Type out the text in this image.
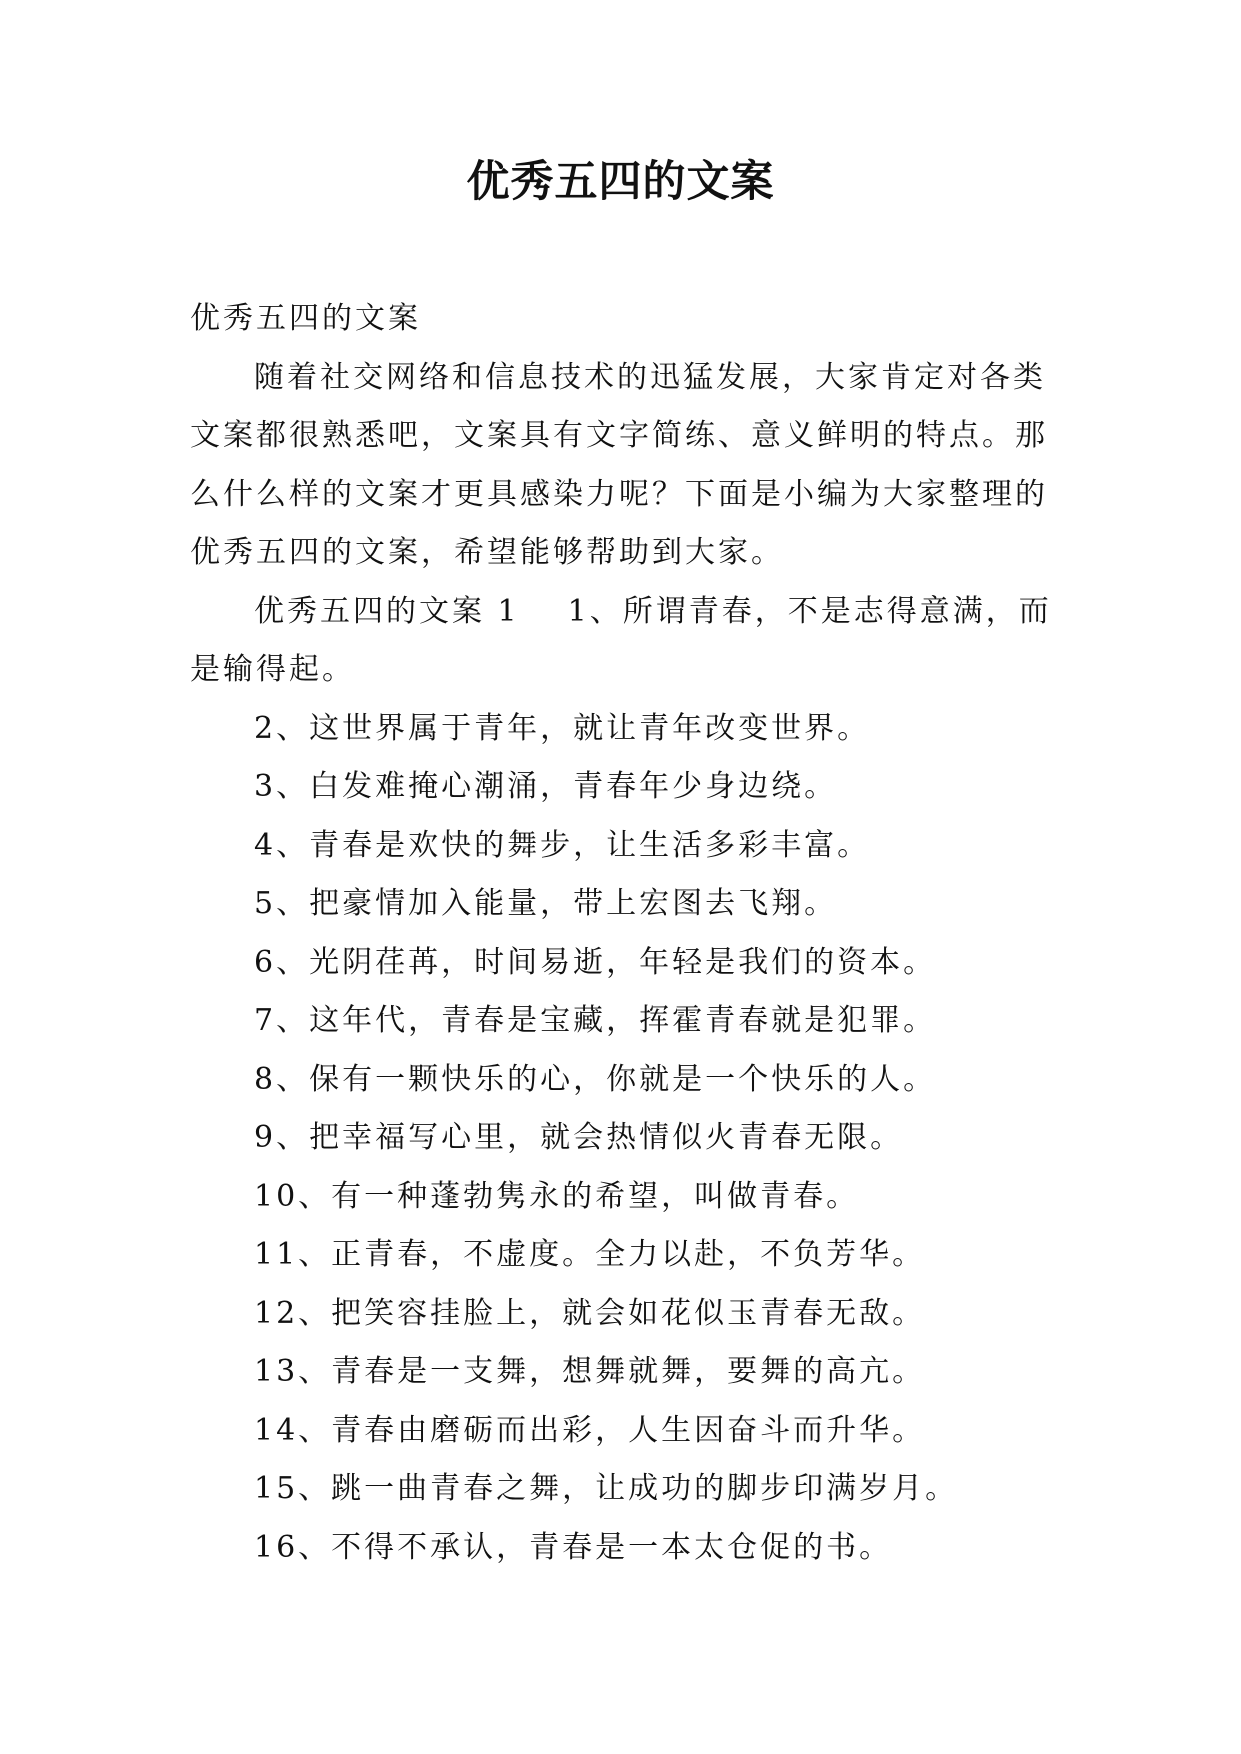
优秀五四的文案

优秀五四的文案

随着社交网络和信息技术的迅猛发展，大家肯定对各类文案都很熟悉吧，文案具有文字简练、意义鲜明的特点。那么什么样的文案才更具感染力呢？下面是小编为大家整理的优秀五四的文案，希望能够帮助到大家。

优秀五四的文案 1 1、所谓青春，不是志得意满，而是输得起。

2、这世界属于青年，就让青年改变世界。

3、白发难掩心潮涌，青春年少身边绕。

4、青春是欢快的舞步，让生活多彩丰富。

5、把豪情加入能量，带上宏图去飞翔。

6、光阴荏苒，时间易逝，年轻是我们的资本。

7、这年代，青春是宝藏，挥霍青春就是犯罪。

8、保有一颗快乐的心，你就是一个快乐的人。

9、把幸福写心里，就会热情似火青春无限。

10、有一种蓬勃隽永的希望，叫做青春。

11、正青春，不虚度。全力以赴，不负芳华。

12、把笑容挂脸上，就会如花似玉青春无敌。

13、青春是一支舞，想舞就舞，要舞的高亢。

14、青春由磨砺而出彩，人生因奋斗而升华。

15、跳一曲青春之舞，让成功的脚步印满岁月。

16、不得不承认，青春是一本太仓促的书。
